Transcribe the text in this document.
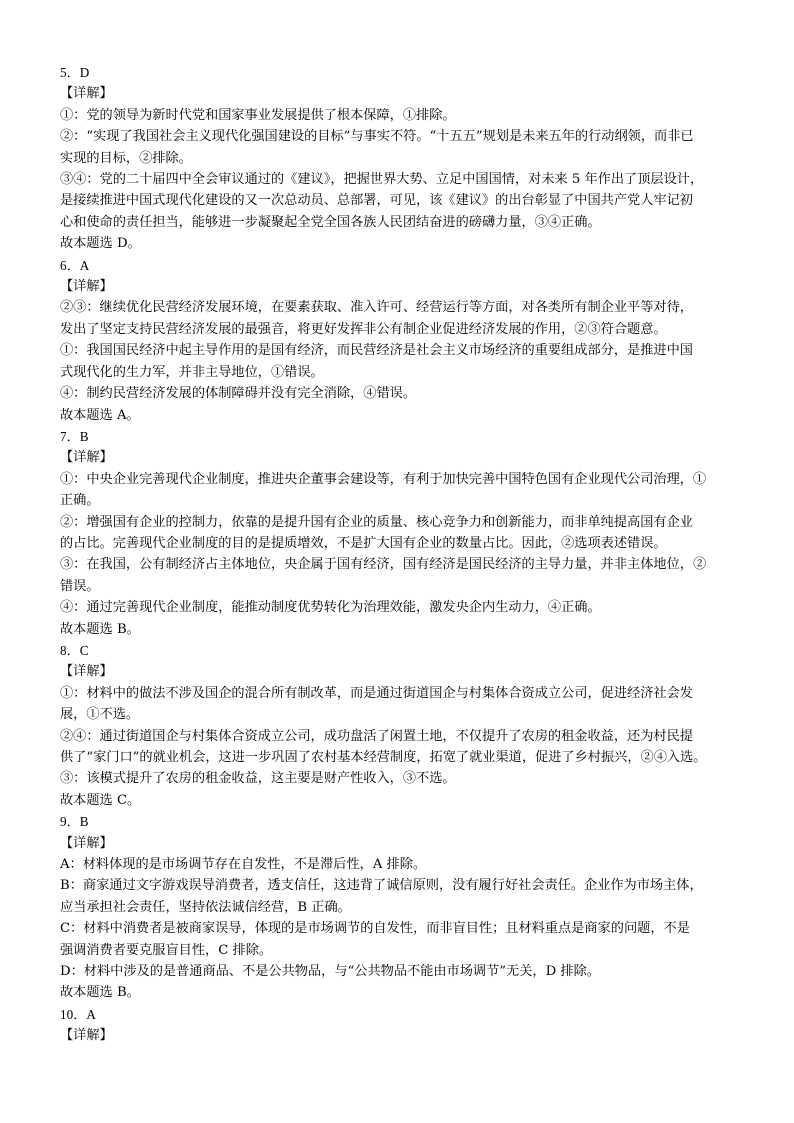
5．D
【详解】
①：党的领导为新时代党和国家事业发展提供了根本保障，①排除。
②：“实现了我国社会主义现代化强国建设的目标”与事实不符。“十五五”规划是未来五年的行动纲领，而非已
实现的目标，②排除。
③④：党的二十届四中全会审议通过的《建议》，把握世界大势、立足中国国情，对未来 5 年作出了顶层设计，
是接续推进中国式现代化建设的又一次总动员、总部署，可见，该《建议》的出台彰显了中国共产党人牢记初
心和使命的责任担当，能够进一步凝聚起全党全国各族人民团结奋进的磅礴力量，③④正确。
故本题选 D。
6．A
【详解】
②③：继续优化民营经济发展环境，在要素获取、准入许可、经营运行等方面，对各类所有制企业平等对待，
发出了坚定支持民营经济发展的最强音，将更好发挥非公有制企业促进经济发展的作用，②③符合题意。
①：我国国民经济中起主导作用的是国有经济，而民营经济是社会主义市场经济的重要组成部分，是推进中国
式现代化的生力军，并非主导地位，①错误。
④：制约民营经济发展的体制障碍并没有完全消除，④错误。
故本题选 A。
7．B
【详解】
①：中央企业完善现代企业制度，推进央企董事会建设等，有利于加快完善中国特色国有企业现代公司治理，①
正确。
②：增强国有企业的控制力，依靠的是提升国有企业的质量、核心竞争力和创新能力，而非单纯提高国有企业
的占比。完善现代企业制度的目的是提质增效，不是扩大国有企业的数量占比。因此，②选项表述错误。
③：在我国，公有制经济占主体地位，央企属于国有经济，国有经济是国民经济的主导力量，并非主体地位，②
错误。
④：通过完善现代企业制度，能推动制度优势转化为治理效能，激发央企内生动力，④正确。
故本题选 B。
8．C
【详解】
①：材料中的做法不涉及国企的混合所有制改革，而是通过街道国企与村集体合资成立公司，促进经济社会发
展，①不选。
②④：通过街道国企与村集体合资成立公司，成功盘活了闲置土地，不仅提升了农房的租金收益，还为村民提
供了“家门口”的就业机会，这进一步巩固了农村基本经营制度，拓宽了就业渠道，促进了乡村振兴，②④入选。
③：该模式提升了农房的租金收益，这主要是财产性收入，③不选。
故本题选 C。
9．B
【详解】
A：材料体现的是市场调节存在自发性，不是滞后性，A 排除。
B：商家通过文字游戏误导消费者，透支信任，这违背了诚信原则，没有履行好社会责任。企业作为市场主体，
应当承担社会责任，坚持依法诚信经营，B 正确。
C：材料中消费者是被商家误导，体现的是市场调节的自发性，而非盲目性；且材料重点是商家的问题，不是
强调消费者要克服盲目性，C 排除。
D：材料中涉及的是普通商品、不是公共物品，与“公共物品不能由市场调节”无关，D 排除。
故本题选 B。
10．A
【详解】
